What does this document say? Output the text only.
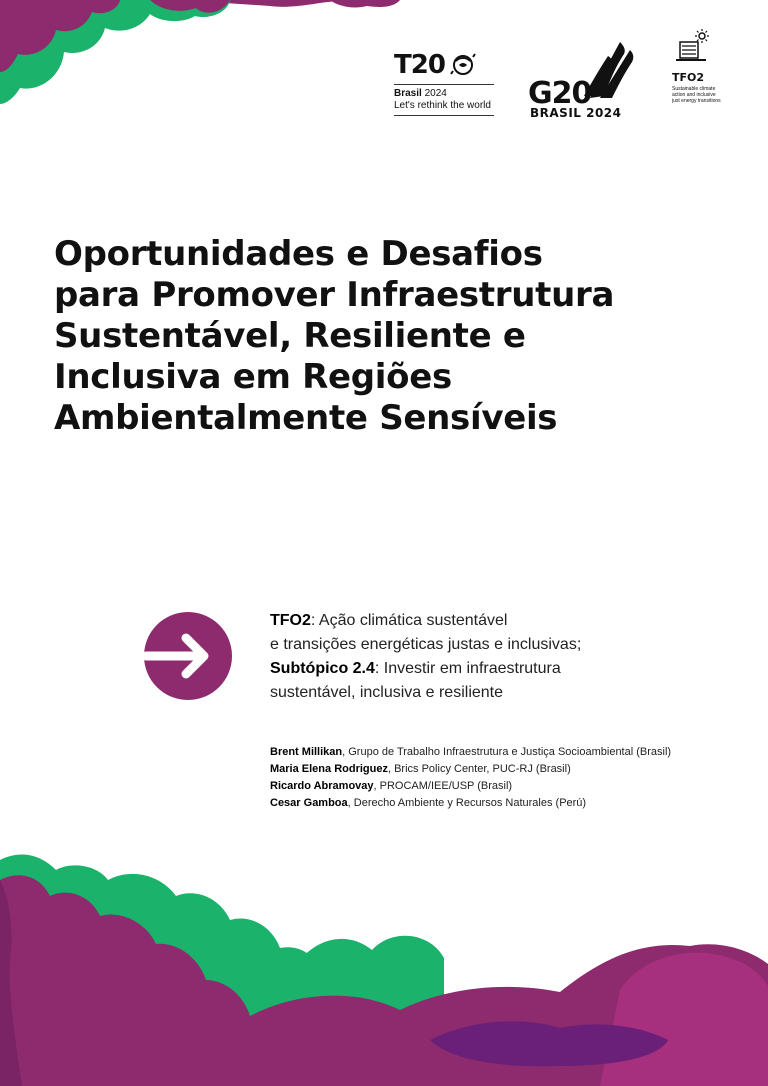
T20
Brasil 2024
Let's rethink the world G20
BRASIL 2024
TFO2
Sustainable climate action and inclusive just energy transitions
Oportunidades e Desafios
para Promover Infraestrutura
Sustentável, Resiliente e
Inclusiva em Regiões
Ambientalmente Sensíveis
TFO2: Ação climática sustentável
e transições energéticas justas e inclusivas;
Subtópico 2.4: Investir em infraestrutura
sustentável, inclusiva e resiliente
Brent Millikan, Grupo de Trabalho Infraestrutura e Justiça Socioambiental (Brasil)
Maria Elena Rodriguez, Brics Policy Center, PUC-RJ (Brasil)
Ricardo Abramovay, PROCAM/IEE/USP (Brasil)
Cesar Gamboa, Derecho Ambiente y Recursos Naturales (Perú)
